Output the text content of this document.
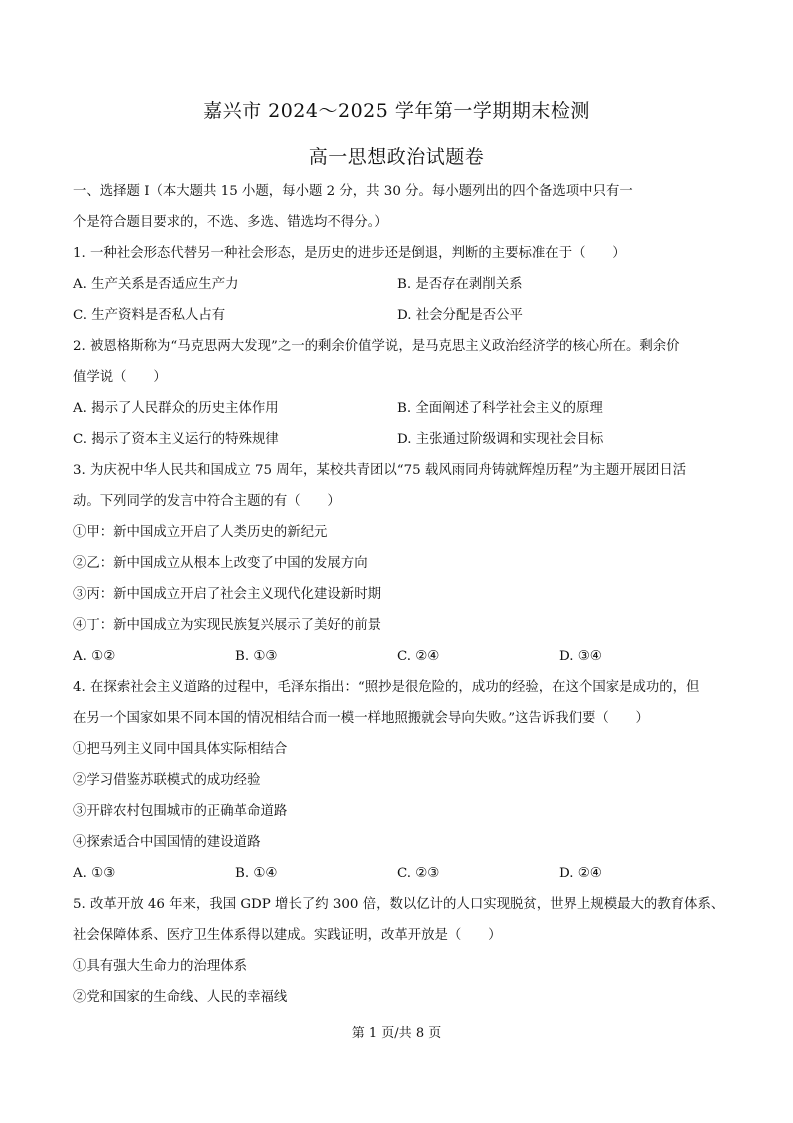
嘉兴市 2024～2025 学年第一学期期末检测
高一思想政治试题卷
一、选择题 I（本大题共 15 小题，每小题 2 分，共 30 分。每小题列出的四个备选项中只有一
个是符合题目要求的，不选、多选、错选均不得分。）
1. 一种社会形态代替另一种社会形态，是历史的进步还是倒退，判断的主要标准在于（　　）
A. 生产关系是否适应生产力	B. 是否存在剥削关系
C. 生产资料是否私人占有	D. 社会分配是否公平
2. 被恩格斯称为“马克思两大发现”之一的剩余价值学说，是马克思主义政治经济学的核心所在。剩余价
值学说（　　）
A. 揭示了人民群众的历史主体作用	B. 全面阐述了科学社会主义的原理
C. 揭示了资本主义运行的特殊规律	D. 主张通过阶级调和实现社会目标
3. 为庆祝中华人民共和国成立 75 周年，某校共青团以“75 载风雨同舟铸就辉煌历程”为主题开展团日活
动。下列同学的发言中符合主题的有（　　）
①甲：新中国成立开启了人类历史的新纪元
②乙：新中国成立从根本上改变了中国的发展方向
③丙：新中国成立开启了社会主义现代化建设新时期
④丁：新中国成立为实现民族复兴展示了美好的前景
A. ①②	B. ①③	C. ②④	D. ③④
4. 在探索社会主义道路的过程中，毛泽东指出：“照抄是很危险的，成功的经验，在这个国家是成功的，但
在另一个国家如果不同本国的情况相结合而一模一样地照搬就会导向失败。”这告诉我们要（　　）
①把马列主义同中国具体实际相结合
②学习借鉴苏联模式的成功经验
③开辟农村包围城市的正确革命道路
④探索适合中国国情的建设道路
A. ①③	B. ①④	C. ②③	D. ②④
5. 改革开放 46 年来，我国 GDP 增长了约 300 倍，数以亿计的人口实现脱贫，世界上规模最大的教育体系、
社会保障体系、医疗卫生体系得以建成。实践证明，改革开放是（　　）
①具有强大生命力的治理体系
②党和国家的生命线、人民的幸福线
第 1 页/共 8 页
